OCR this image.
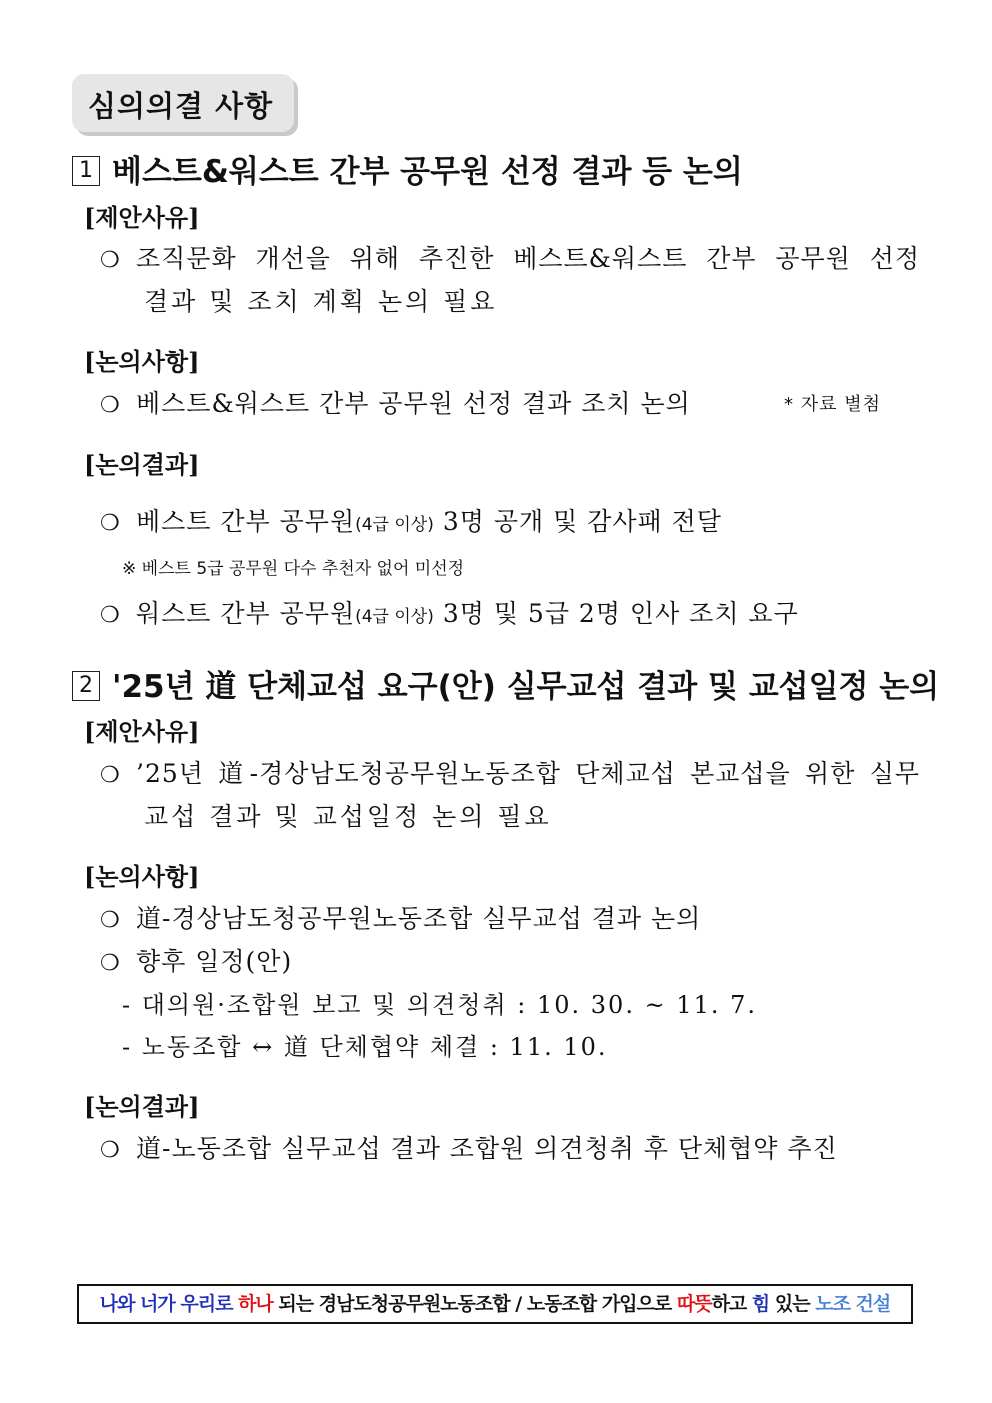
심의의결 사항
1 베스트&워스트 간부 공무원 선정 결과 등 논의
[제안사유]
❍ 조직문화 개선을 위해 추진한 베스트&워스트 간부 공무원 선정
결과 및 조치 계획 논의 필요
[논의사항]
❍ 베스트&워스트 간부 공무원 선정 결과 조치 논의	* 자료 별첨
[논의결과]
❍ 베스트 간부 공무원(4급 이상) 3명 공개 및 감사패 전달
※ 베스트 5급 공무원 다수 추천자 없어 미선정
❍ 워스트 간부 공무원(4급 이상) 3명 및 5급 2명 인사 조치 요구
2 '25년 道 단체교섭 요구(안) 실무교섭 결과 및 교섭일정 논의
[제안사유]
❍ ’25년 道-경상남도청공무원노동조합 단체교섭 본교섭을 위한 실무
교섭 결과 및 교섭일정 논의 필요
[논의사항]
❍ 道-경상남도청공무원노동조합 실무교섭 결과 논의
❍ 향후 일정(안)
- 대의원·조합원 보고 및 의견청취 : 10. 30. ~ 11. 7.
- 노동조합 ↔ 道 단체협약 체결 : 11. 10.
[논의결과]
❍ 道-노동조합 실무교섭 결과 조합원 의견청취 후 단체협약 추진
나와 너가 우리로 하나 되는 경남도청공무원노동조합 / 노동조합 가입으로 따뜻하고 힘 있는 노조 건설
